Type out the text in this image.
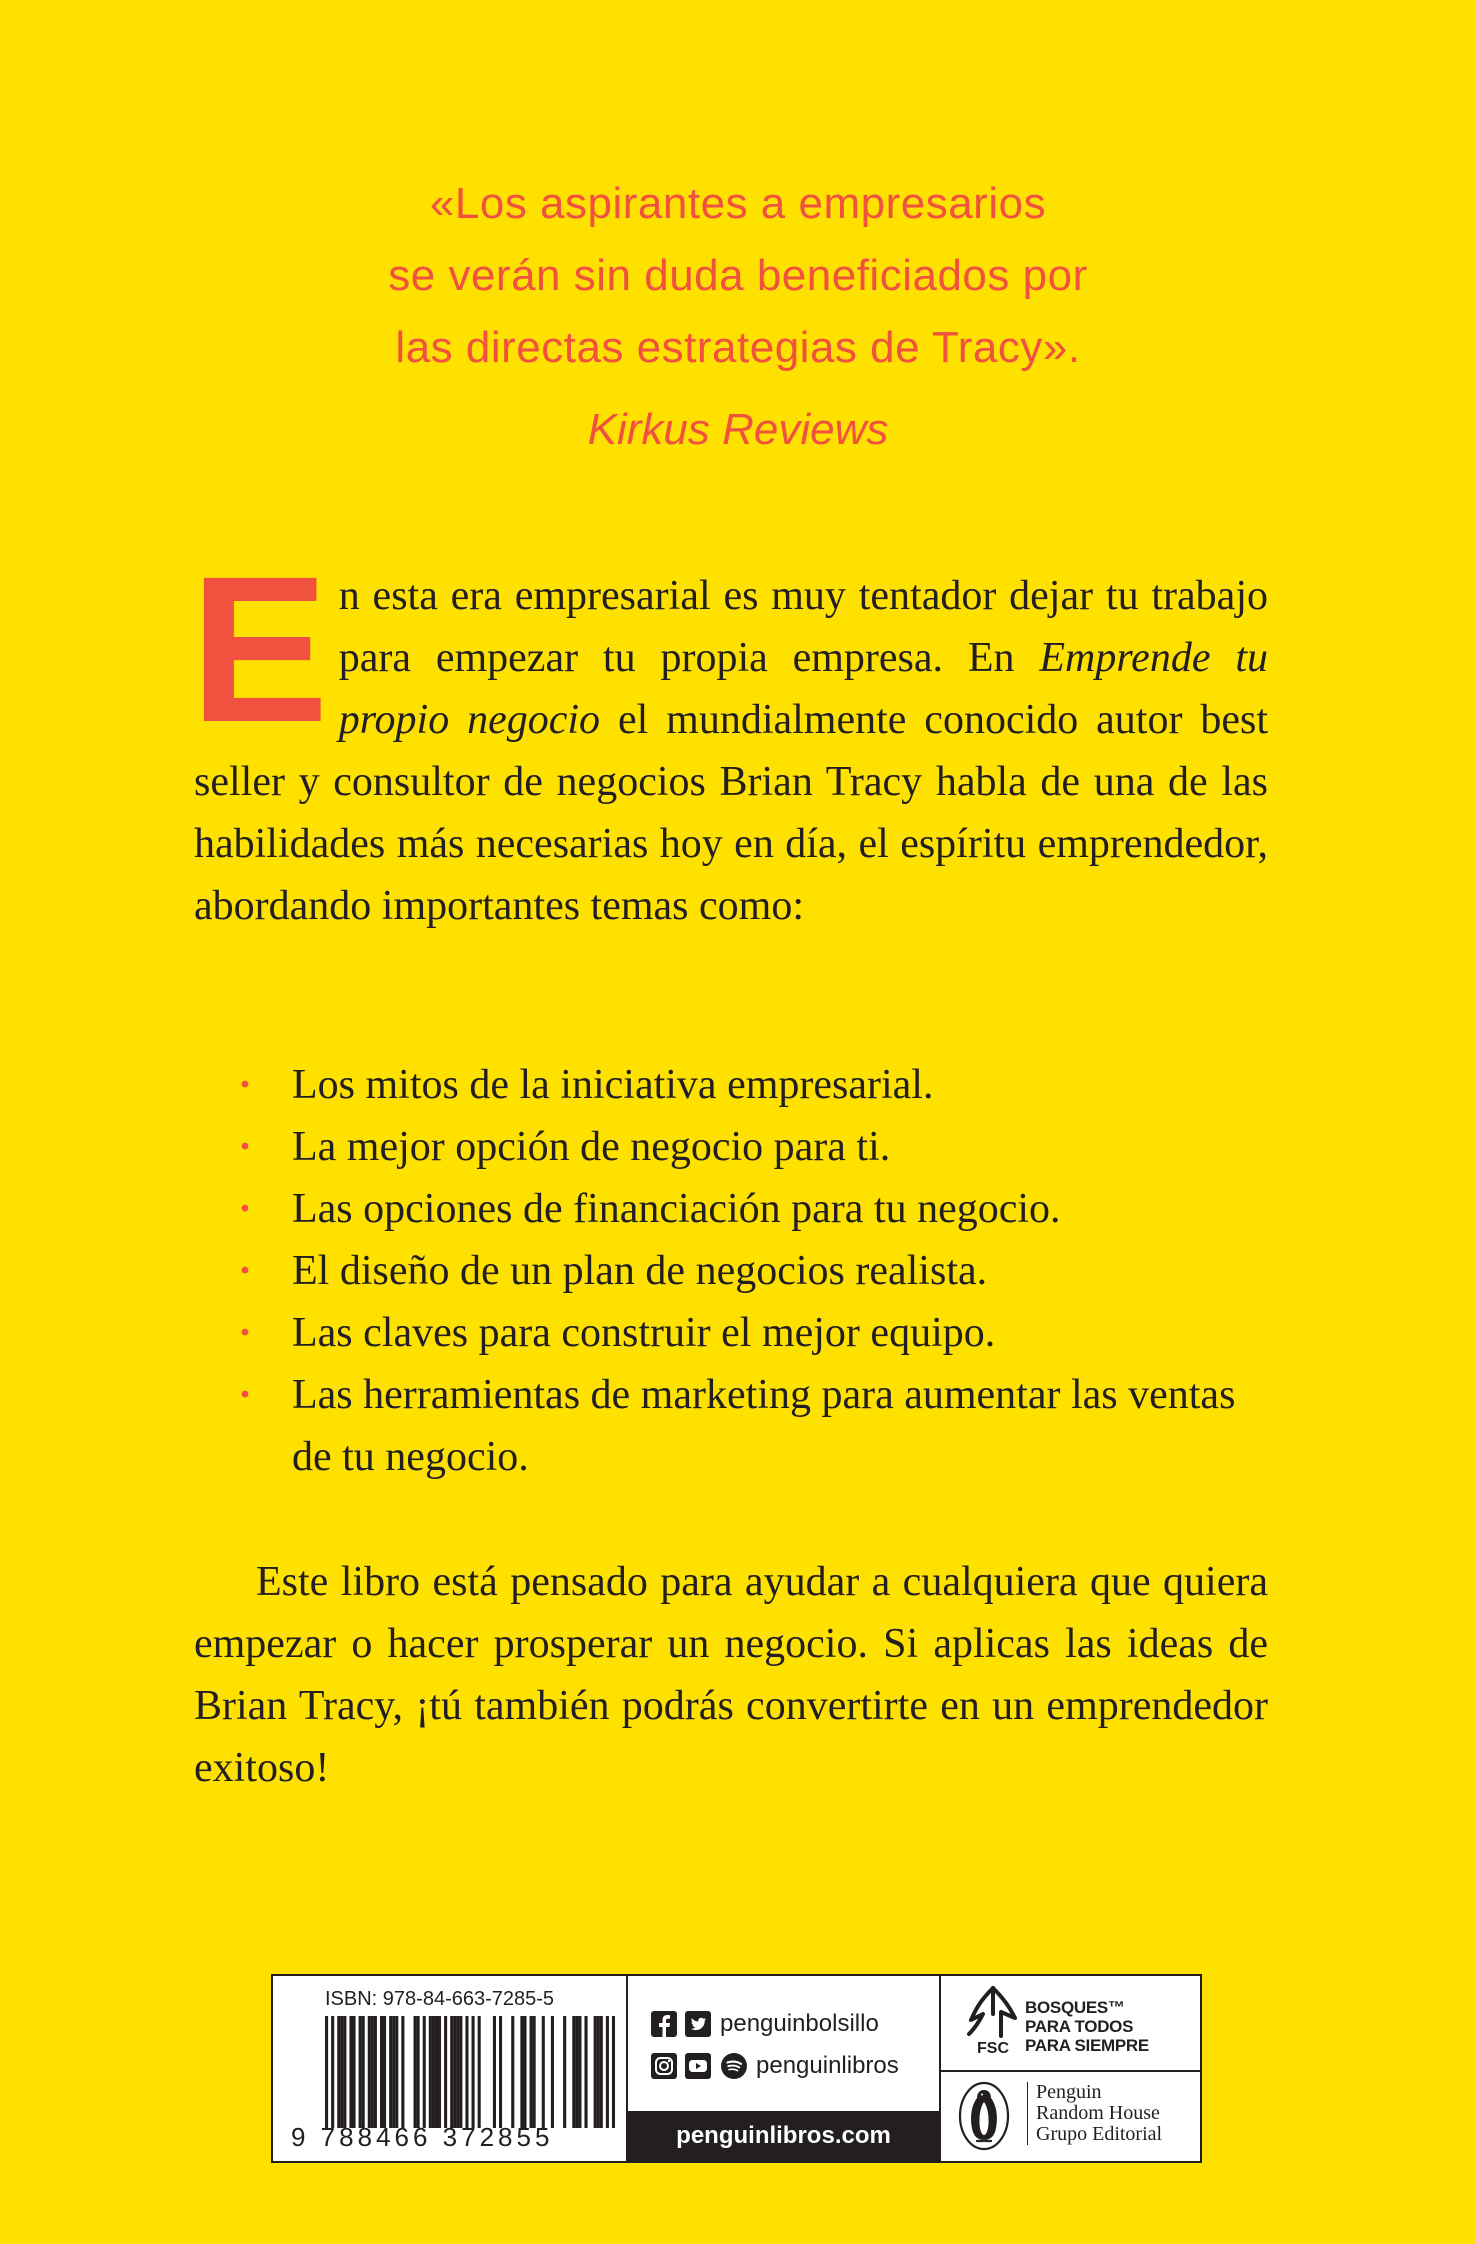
«Los aspirantes a empresarios
se verán sin duda beneficiados por
las directas estrategias de Tracy».
Kirkus Reviews
En esta era empresarial es muy tentador dejar tu trabajo para empezar tu propia empresa. En Emprende tu propio negocio el mundialmente conocido autor best seller y consultor de negocios Brian Tracy habla de una de las habilidades más necesarias hoy en día, el espíritu emprendedor, abordando importantes temas como:
· Los mitos de la iniciativa empresarial.
· La mejor opción de negocio para ti.
· Las opciones de financiación para tu negocio.
· El diseño de un plan de negocios realista.
· Las claves para construir el mejor equipo.
· Las herramientas de marketing para aumentar las ventas de tu negocio.
Este libro está pensado para ayudar a cualquiera que quiera empezar o hacer prosperar un negocio. Si aplicas las ideas de Brian Tracy, ¡tú también podrás convertirte en un emprendedor exitoso!
ISBN: 978-84-663-7285-5
9 788466 372855
penguinbolsillo
penguinlibros
penguinlibros.com
FSC
BOSQUES™
PARA TODOS
PARA SIEMPRE
Penguin
Random House
Grupo Editorial
